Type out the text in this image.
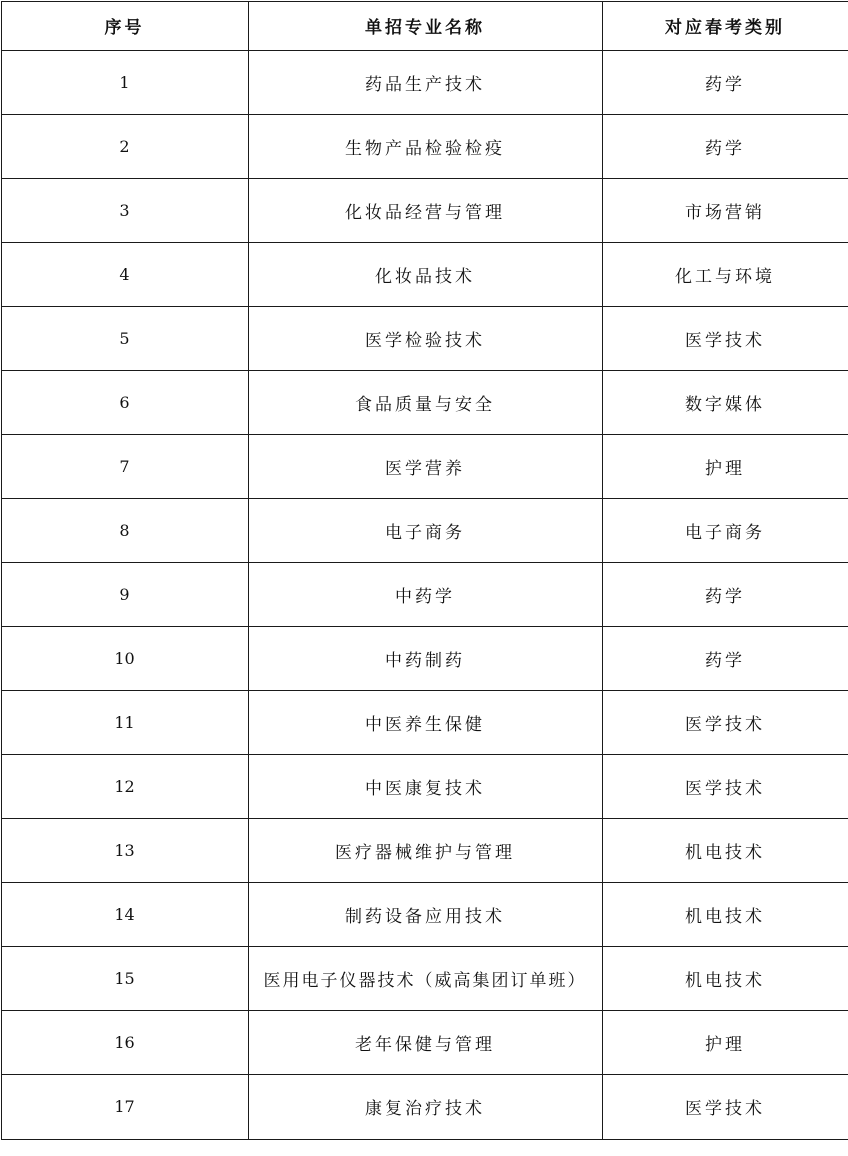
序号	单招专业名称	对应春考类别
1	药品生产技术	药学
2	生物产品检验检疫	药学
3	化妆品经营与管理	市场营销
4	化妆品技术	化工与环境
5	医学检验技术	医学技术
6	食品质量与安全	数字媒体
7	医学营养	护理
8	电子商务	电子商务
9	中药学	药学
10	中药制药	药学
11	中医养生保健	医学技术
12	中医康复技术	医学技术
13	医疗器械维护与管理	机电技术
14	制药设备应用技术	机电技术
15	医用电子仪器技术（威高集团订单班）	机电技术
16	老年保健与管理	护理
17	康复治疗技术	医学技术
